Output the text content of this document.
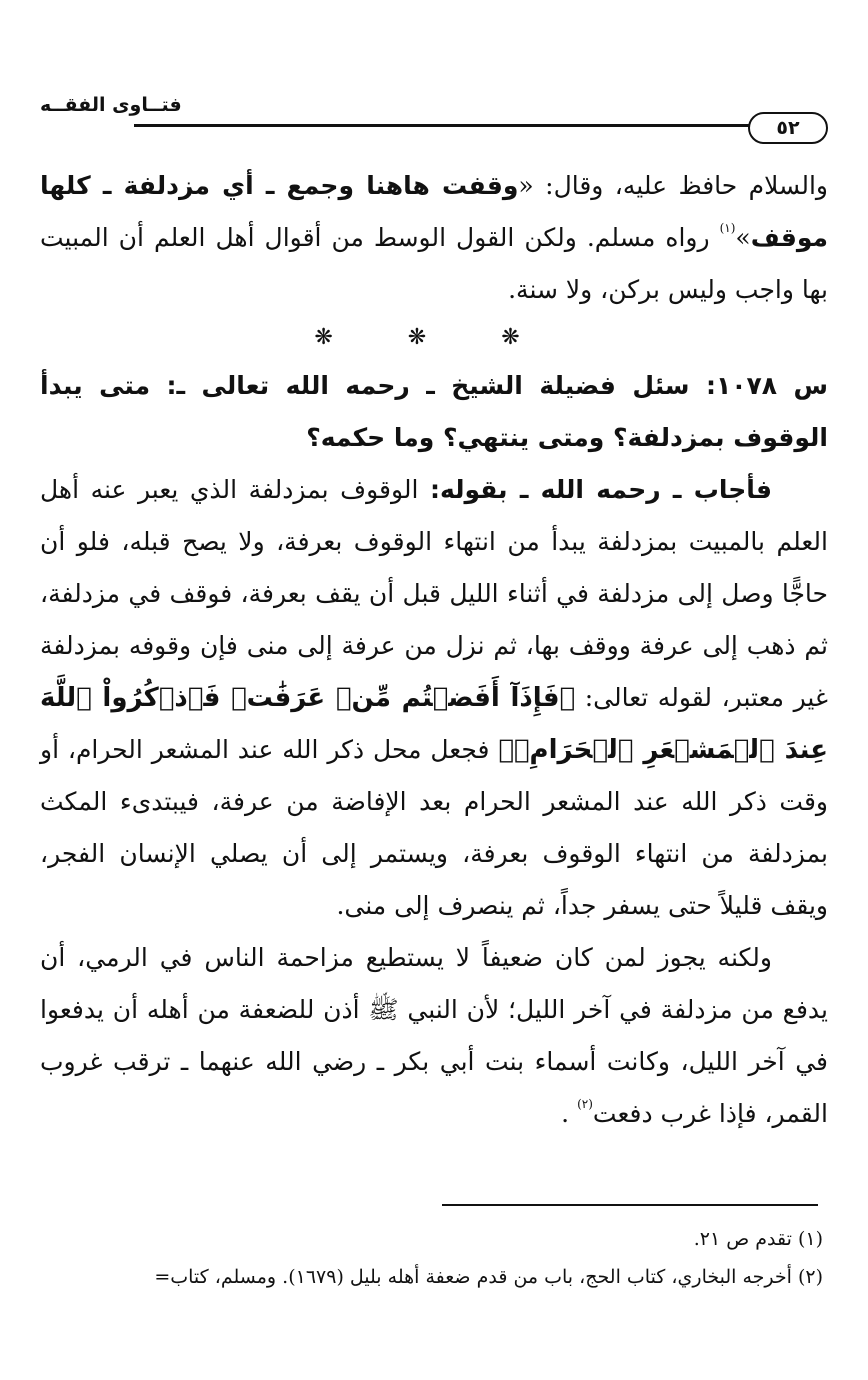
فتــاوى الفقــه
٥٢

والسلام حافظ عليه، وقال: «وقفت هاهنا وجمع ـ أي مزدلفة ـ كلها موقف»$^{(١)}$ رواه مسلم. ولكن القول الوسط من أقوال أهل العلم أن المبيت بها واجب وليس بركن، ولا سنة.

❋ ❋ ❋

س ١٠٧٨: سئل فضيلة الشيخ ـ رحمه الله تعالى ـ: متى يبدأ الوقوف بمزدلفة؟ ومتى ينتهي؟ وما حكمه؟

فأجاب ـ رحمه الله ـ بقوله: الوقوف بمزدلفة الذي يعبر عنه أهل العلم بالمبيت بمزدلفة يبدأ من انتهاء الوقوف بعرفة، ولا يصح قبله، فلو أن حاجًّا وصل إلى مزدلفة في أثناء الليل قبل أن يقف بعرفة، فوقف في مزدلفة، ثم ذهب إلى عرفة ووقف بها، ثم نزل من عرفة إلى منى فإن وقوفه بمزدلفة غير معتبر، لقوله تعالى: ﴿فَإِذَآ أَفَضۡتُم مِّنۡ عَرَفَٰتٖ فَٱذۡكُرُواْ ٱللَّهَ عِندَ ٱلۡمَشۡعَرِ ٱلۡحَرَامِۖ﴾ فجعل محل ذكر الله عند المشعر الحرام، أو وقت ذكر الله عند المشعر الحرام بعد الإفاضة من عرفة، فيبتدىء المكث بمزدلفة من انتهاء الوقوف بعرفة، ويستمر إلى أن يصلي الإنسان الفجر، ويقف قليلاً حتى يسفر جداً، ثم ينصرف إلى منى.

ولكنه يجوز لمن كان ضعيفاً لا يستطيع مزاحمة الناس في الرمي، أن يدفع من مزدلفة في آخر الليل؛ لأن النبي ﷺ أذن للضعفة من أهله أن يدفعوا في آخر الليل، وكانت أسماء بنت أبي بكر ـ رضي الله عنهما ـ ترقب غروب القمر، فإذا غرب دفعت$^{(٢)}$ .

(١) تقدم ص ٢١.

(٢) أخرجه البخاري، كتاب الحج، باب من قدم ضعفة أهله بليل (١٦٧٩). ومسلم، كتاب=
